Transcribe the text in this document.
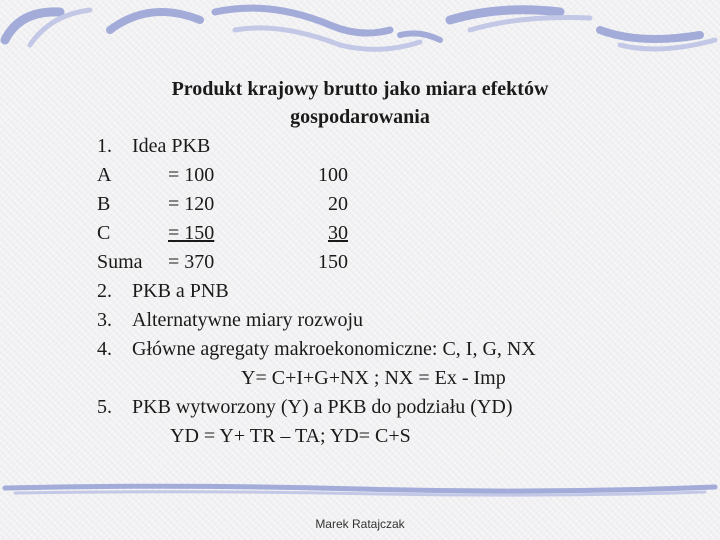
Produkt krajowy brutto jako miara efektów
gospodarowania
1. Idea PKB
A	= 100	100
B	= 120	20
C	= 150	30
Suma = 370	150
2. PKB a PNB
3. Alternatywne miary rozwoju
4. Główne agregaty makroekonomiczne: C, I, G, NX
Y= C+I+G+NX ; NX = Ex - Imp
5. PKB wytworzony (Y) a PKB do podziału (YD)
YD = Y+ TR – TA; YD= C+S
Marek Ratajczak
